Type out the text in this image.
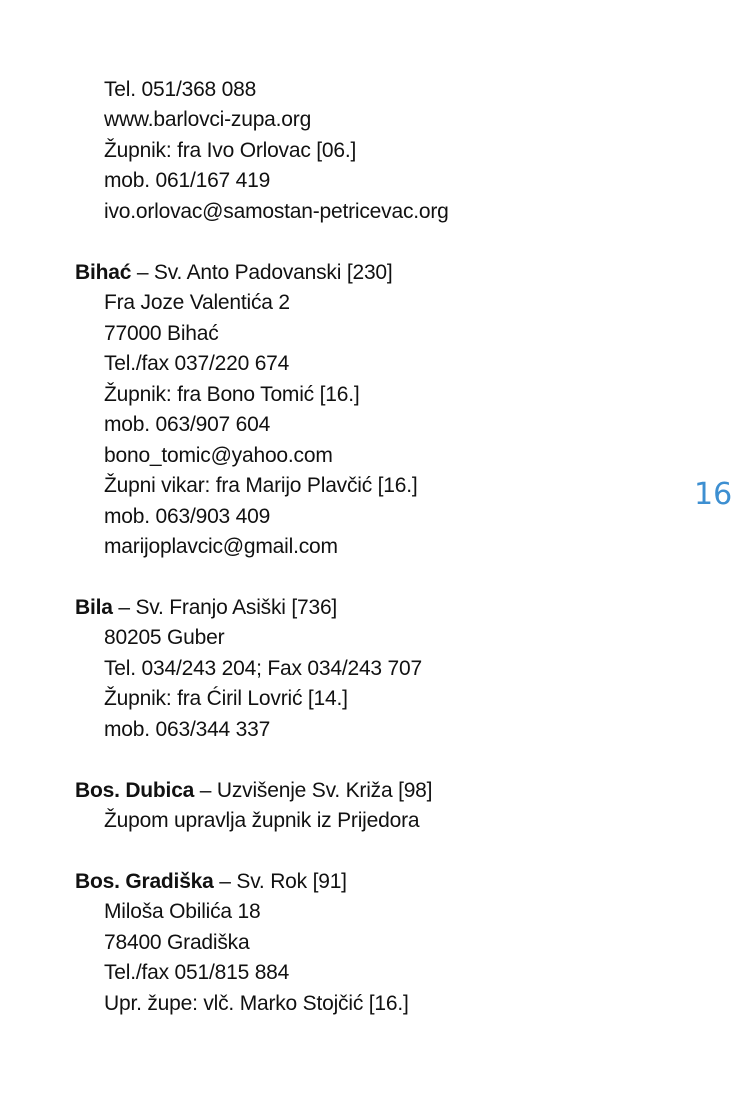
Tel. 051/368 088
www.barlovci-zupa.org
Župnik: fra Ivo Orlovac [06.]
mob. 061/167 419
ivo.orlovac@samostan-petricevac.org
Bihać – Sv. Anto Padovanski [230]
Fra Joze Valentića 2
77000 Bihać
Tel./fax 037/220 674
Župnik: fra Bono Tomić [16.]
mob. 063/907 604
bono_tomic@yahoo.com
Župni vikar: fra Marijo Plavčić [16.]
mob. 063/903 409
marijoplavcic@gmail.com
Bila – Sv. Franjo Asiški [736]
80205 Guber
Tel. 034/243 204; Fax 034/243 707
Župnik: fra Ćiril Lovrić [14.]
mob. 063/344 337
Bos. Dubica – Uzvišenje Sv. Križa [98]
Župom upravlja župnik iz Prijedora
Bos. Gradiška – Sv. Rok [91]
Miloša Obilića 18
78400 Gradiška
Tel./fax 051/815 884
Upr. župe: vlč. Marko Stojčić [16.]
16
